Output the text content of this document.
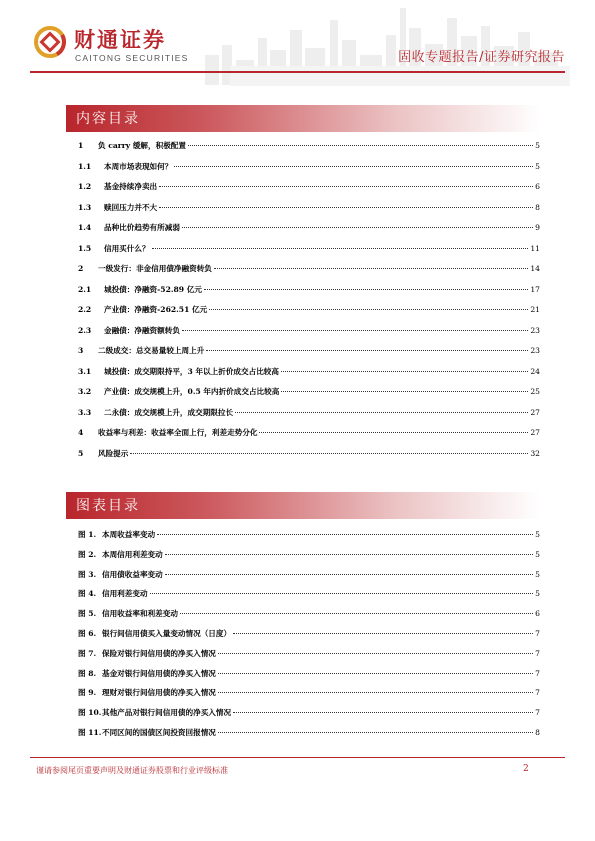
财通证券
CAITONG SECURITIES	固收专题报告/证券研究报告
内容目录
1	负 carry 缓解，积极配置	5
1.1	本周市场表现如何？	5
1.2	基金持续净卖出	6
1.3	赎回压力并不大	8
1.4	品种比价趋势有所减弱	9
1.5	信用买什么？	11
2	一级发行：非金信用债净融资转负	14
2.1	城投债：净融资-52.89 亿元	17
2.2	产业债：净融资-262.51 亿元	21
2.3	金融债：净融资额转负	23
3	二级成交：总交易量较上周上升	23
3.1	城投债：成交期限持平，3 年以上折价成交占比较高	24
3.2	产业债：成交规模上升，0.5 年内折价成交占比较高	25
3.3	二永债：成交规模上升，成交期限拉长	27
4	收益率与利差：收益率全面上行，利差走势分化	27
5	风险提示	32
图表目录
图 1. 本周收益率变动	5
图 2. 本周信用利差变动	5
图 3. 信用债收益率变动	5
图 4. 信用利差变动	5
图 5. 信用收益率和利差变动	6
图 6. 银行间信用债买入量变动情况（日度）	7
图 7. 保险对银行间信用债的净买入情况	7
图 8. 基金对银行间信用债的净买入情况	7
图 9. 理财对银行间信用债的净买入情况	7
图 10. 其他产品对银行间信用债的净买入情况	7
图 11. 不同区间的国债区间投资回报情况	8
谨请参阅尾页重要声明及财通证券股票和行业评级标准	2
